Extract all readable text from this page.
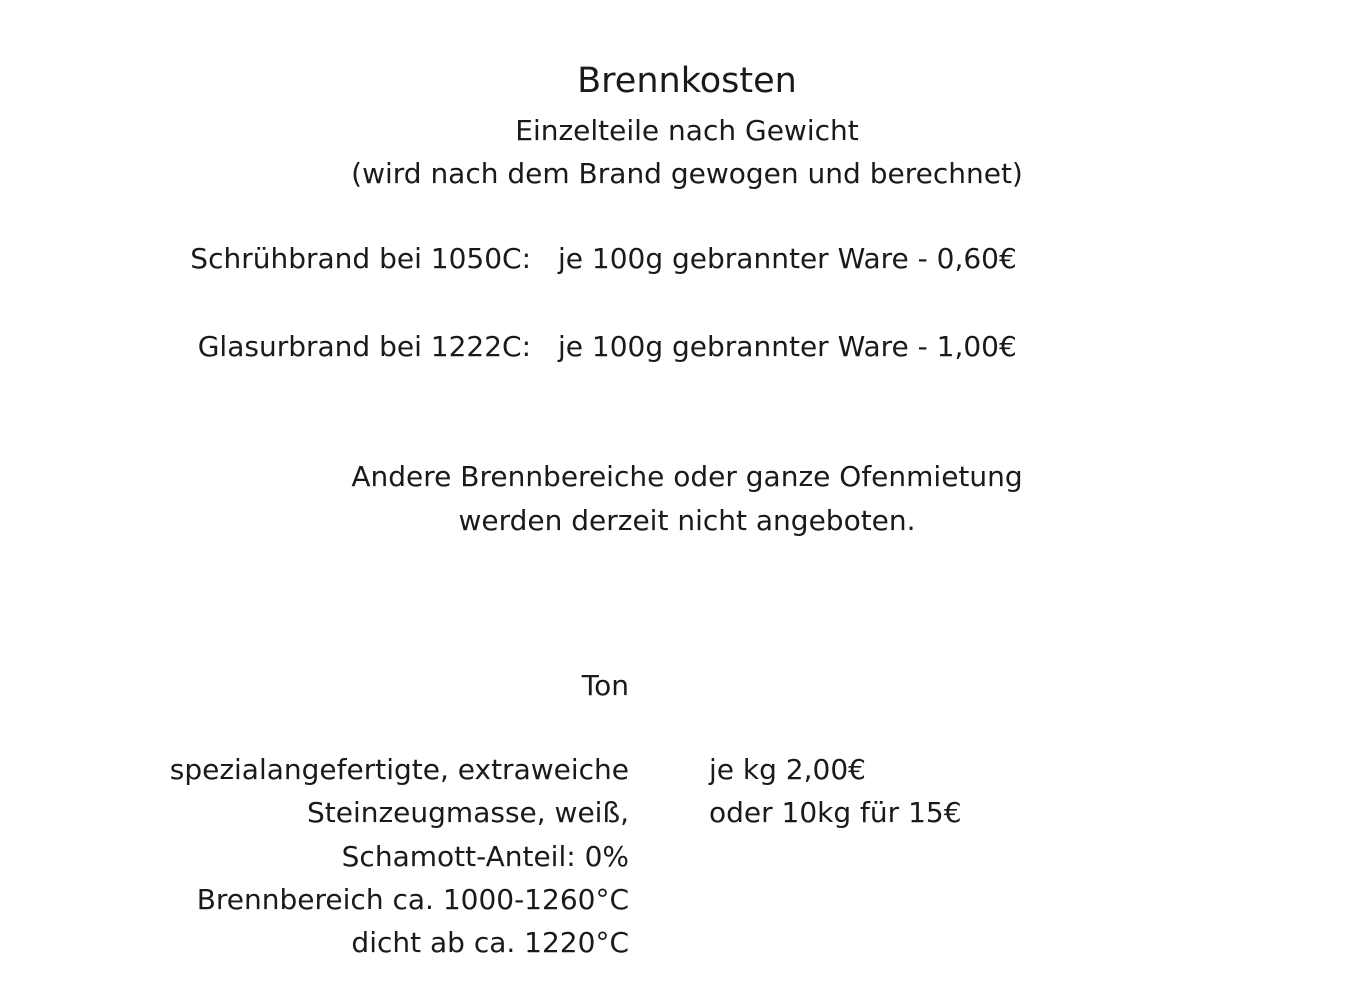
Brennkosten
Einzelteile nach Gewicht
(wird nach dem Brand gewogen und berechnet)
Schrühbrand bei 1050C: je 100g gebrannter Ware - 0,60€
Glasurbrand bei 1222C: je 100g gebrannter Ware - 1,00€
Andere Brennbereiche oder ganze Ofenmietung
werden derzeit nicht angeboten.
Ton
spezialangefertigte, extraweiche
Steinzeugmasse, weiß,
Schamott-Anteil: 0%
Brennbereich ca. 1000-1260°C
dicht ab ca. 1220°C
je kg 2,00€
oder 10kg für 15€
